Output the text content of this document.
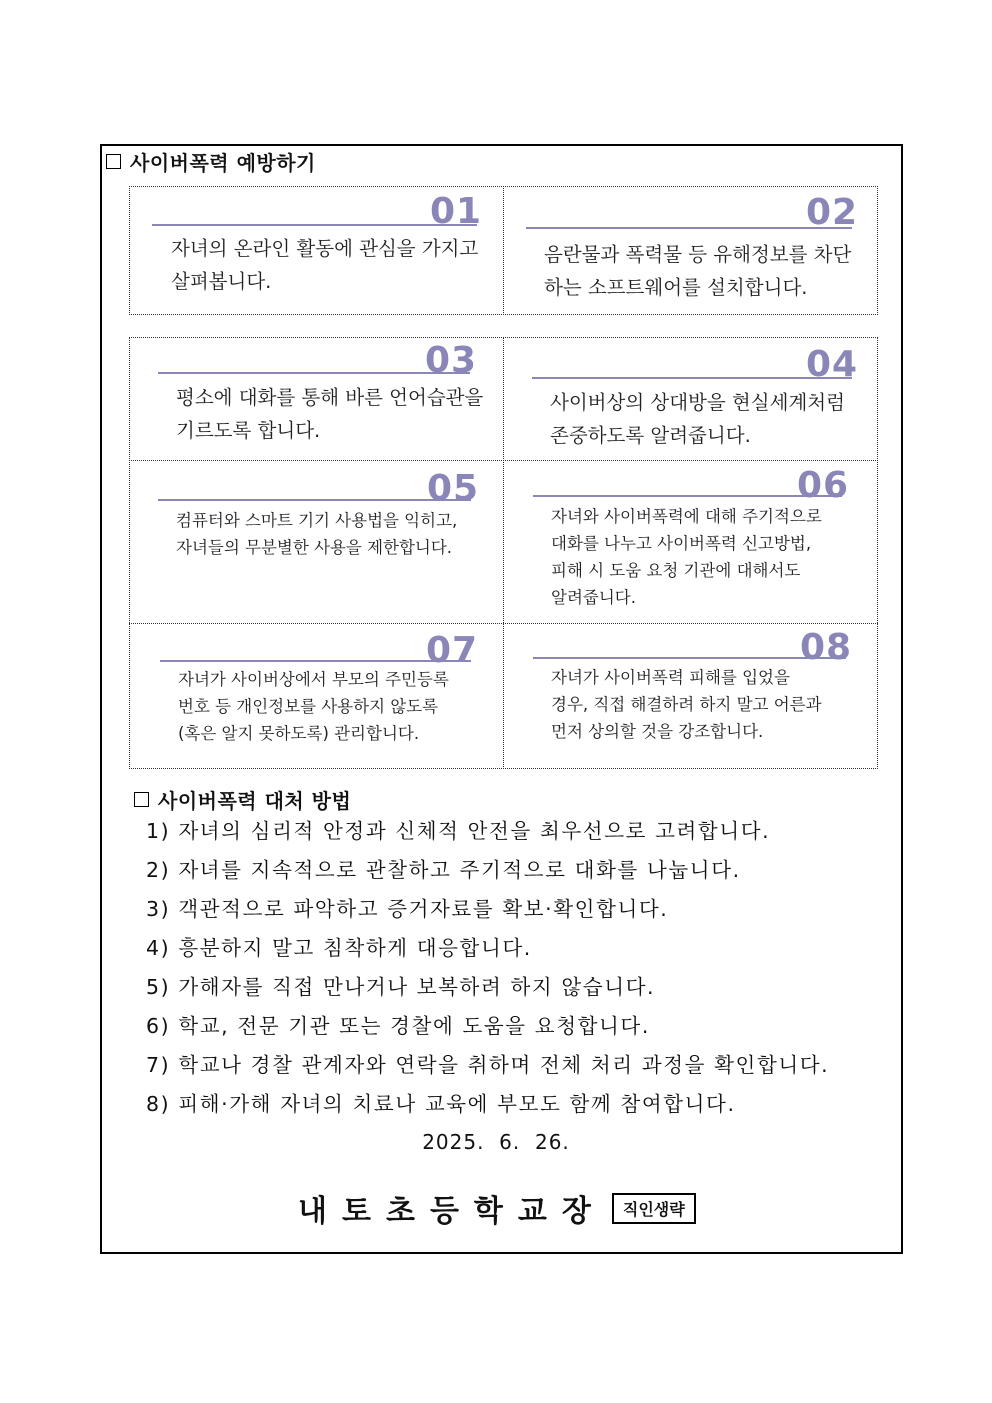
사이버폭력 예방하기
01
자녀의 온라인 활동에 관심을 가지고
살펴봅니다.
02
음란물과 폭력물 등 유해정보를 차단
하는 소프트웨어를 설치합니다.
03
평소에 대화를 통해 바른 언어습관을
기르도록 합니다.
04
사이버상의 상대방을 현실세계처럼
존중하도록 알려줍니다.
05
컴퓨터와 스마트 기기 사용법을 익히고,
자녀들의 무분별한 사용을 제한합니다.
06
자녀와 사이버폭력에 대해 주기적으로
대화를 나누고 사이버폭력 신고방법,
피해 시 도움 요청 기관에 대해서도
알려줍니다.
07
자녀가 사이버상에서 부모의 주민등록
번호 등 개인정보를 사용하지 않도록
(혹은 알지 못하도록) 관리합니다.
08
자녀가 사이버폭력 피해를 입었을
경우, 직접 해결하려 하지 말고 어른과
먼저 상의할 것을 강조합니다.
사이버폭력 대처 방법
1) 자녀의 심리적 안정과 신체적 안전을 최우선으로 고려합니다.
2) 자녀를 지속적으로 관찰하고 주기적으로 대화를 나눕니다.
3) 객관적으로 파악하고 증거자료를 확보·확인합니다.
4) 흥분하지 말고 침착하게 대응합니다.
5) 가해자를 직접 만나거나 보복하려 하지 않습니다.
6) 학교, 전문 기관 또는 경찰에 도움을 요청합니다.
7) 학교나 경찰 관계자와 연락을 취하며 전체 처리 과정을 확인합니다.
8) 피해·가해 자녀의 치료나 교육에 부모도 함께 참여합니다.
2025.  6.  26.
내토초등학교장	직인생략
